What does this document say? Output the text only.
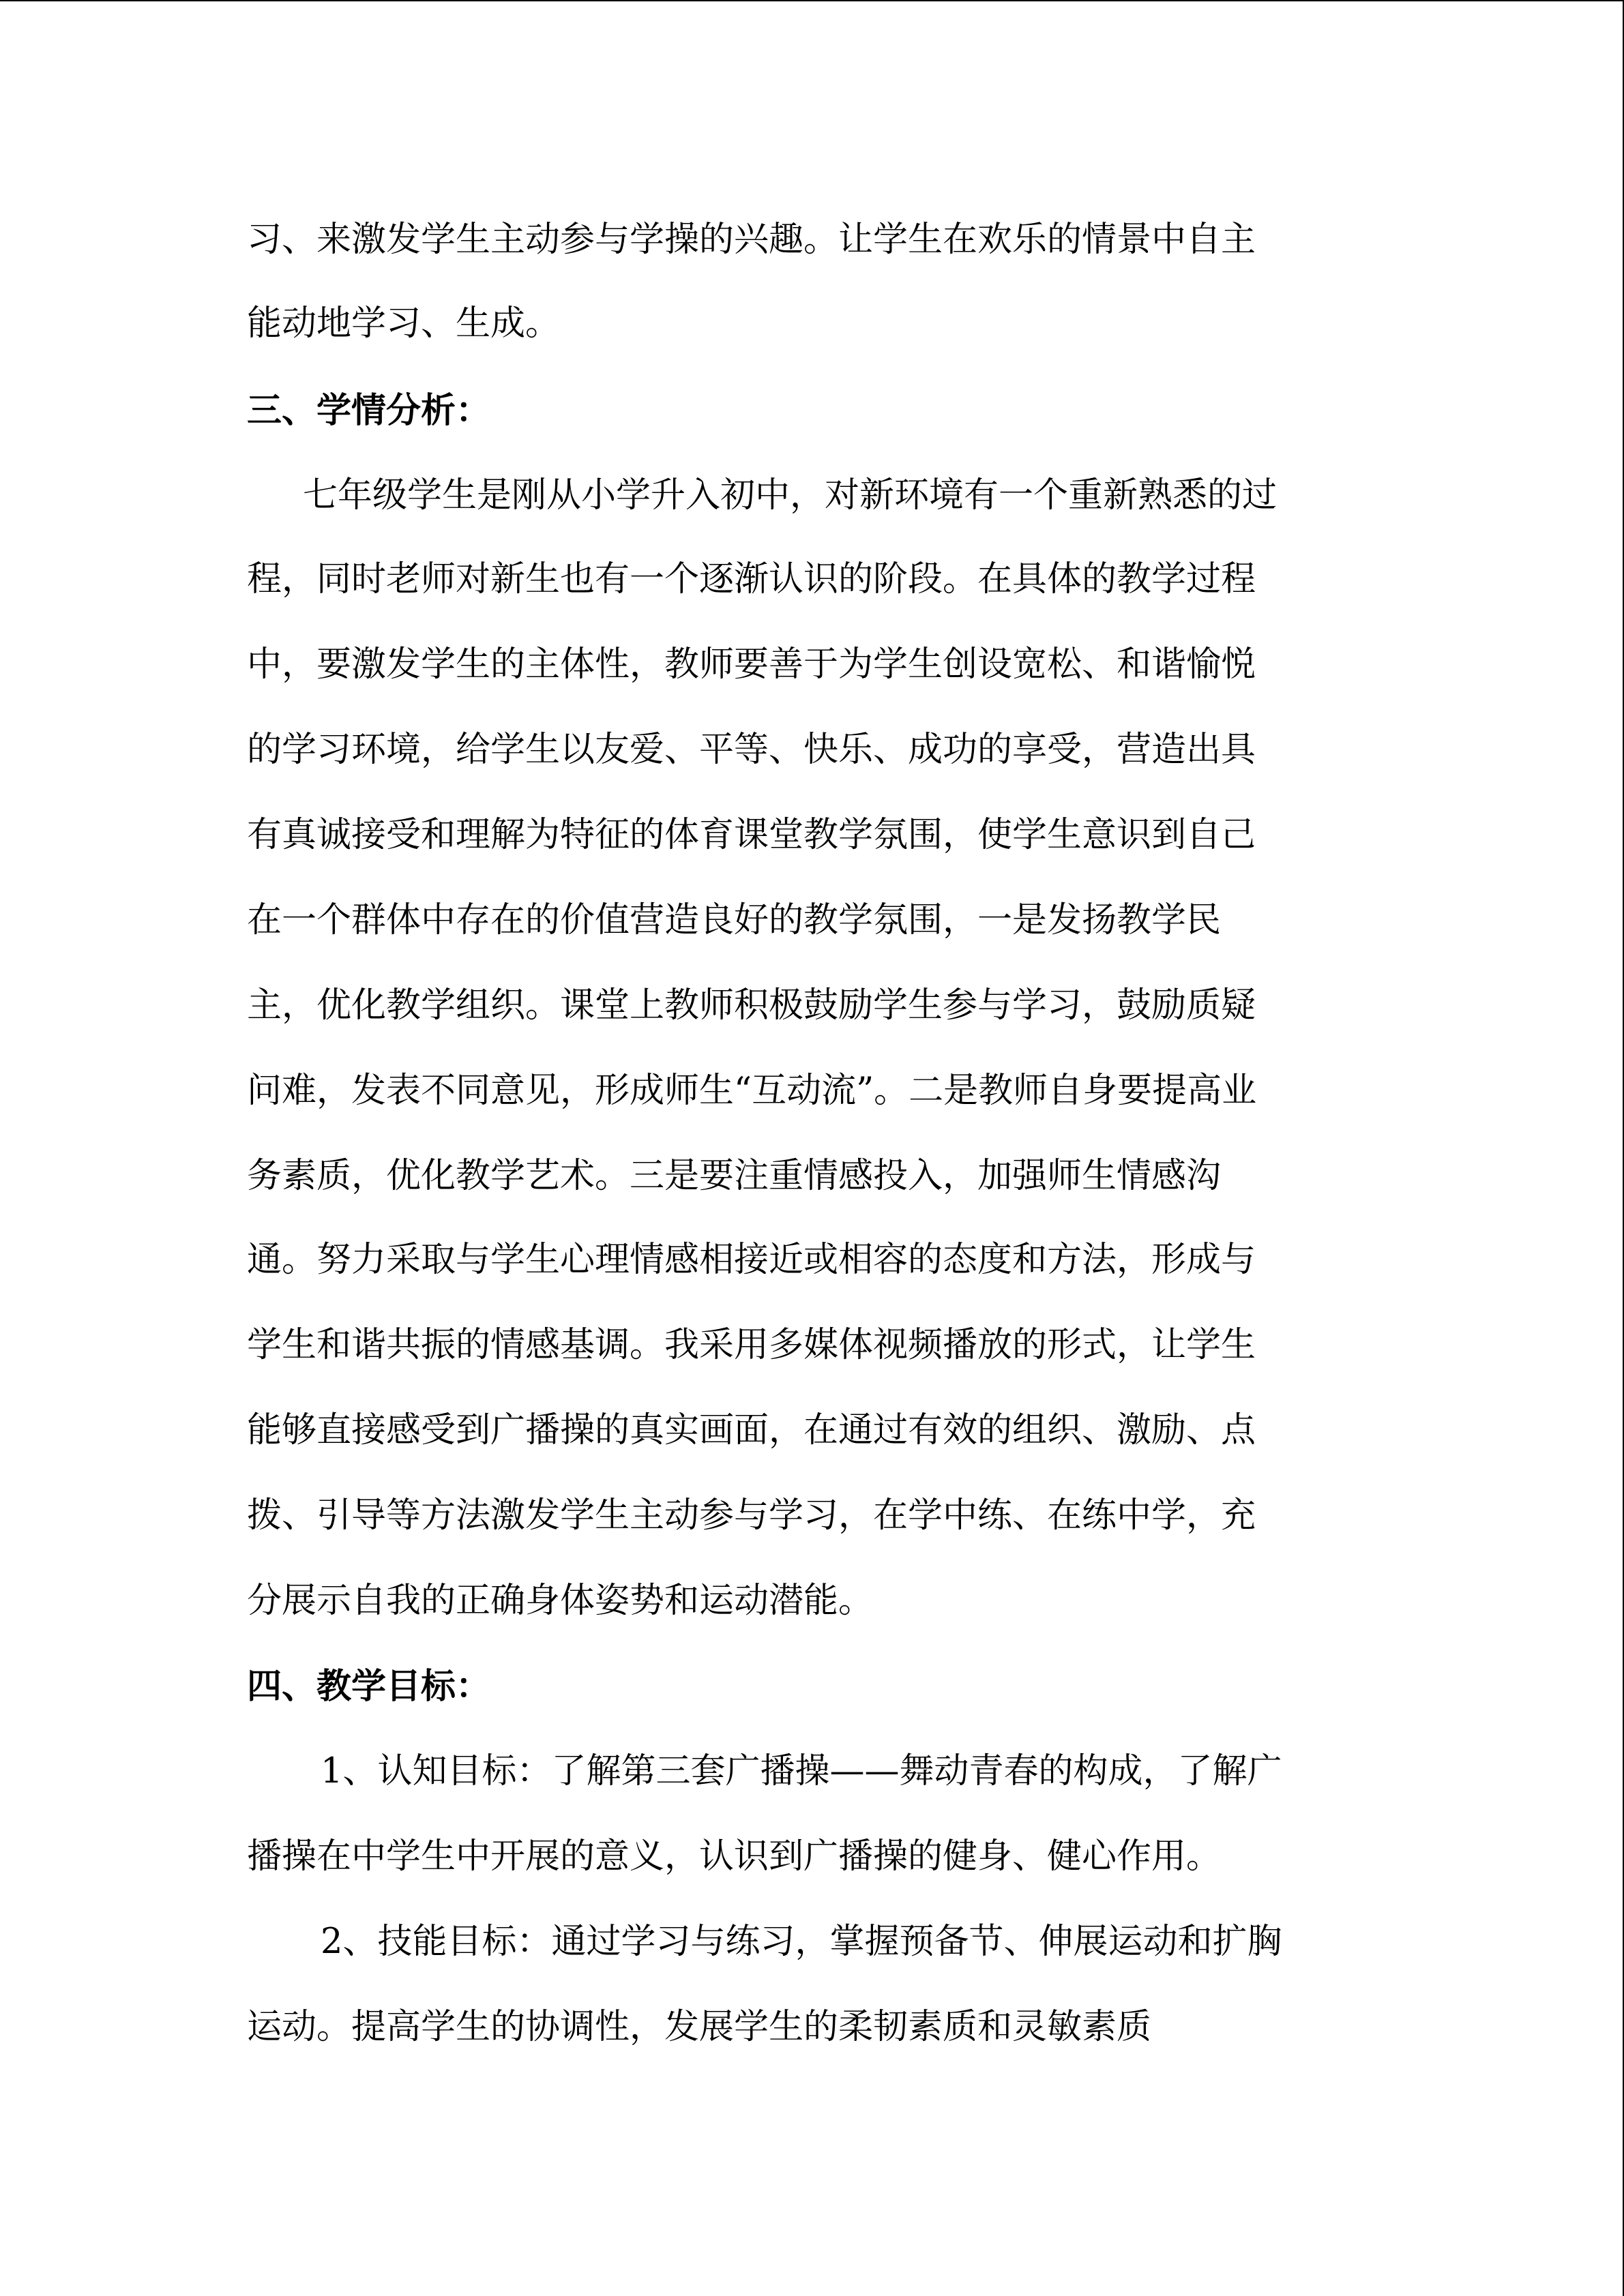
习、来激发学生主动参与学操的兴趣。让学生在欢乐的情景中自主
能动地学习、生成。
三、学情分析：
七年级学生是刚从小学升入初中，对新环境有一个重新熟悉的过
程，同时老师对新生也有一个逐渐认识的阶段。在具体的教学过程
中，要激发学生的主体性，教师要善于为学生创设宽松、和谐愉悦
的学习环境，给学生以友爱、平等、快乐、成功的享受，营造出具
有真诚接受和理解为特征的体育课堂教学氛围，使学生意识到自己
在一个群体中存在的价值营造良好的教学氛围，一是发扬教学民
主，优化教学组织。课堂上教师积极鼓励学生参与学习，鼓励质疑
问难，发表不同意见，形成师生“互动流”。二是教师自身要提高业
务素质，优化教学艺术。三是要注重情感投入，加强师生情感沟
通。努力采取与学生心理情感相接近或相容的态度和方法，形成与
学生和谐共振的情感基调。我采用多媒体视频播放的形式，让学生
能够直接感受到广播操的真实画面，在通过有效的组织、激励、点
拨、引导等方法激发学生主动参与学习，在学中练、在练中学，充
分展示自我的正确身体姿势和运动潜能。
四、教学目标：
1、认知目标：了解第三套广播操——舞动青春的构成，了解广
播操在中学生中开展的意义，认识到广播操的健身、健心作用。
2、技能目标：通过学习与练习，掌握预备节、伸展运动和扩胸
运动。提高学生的协调性，发展学生的柔韧素质和灵敏素质
